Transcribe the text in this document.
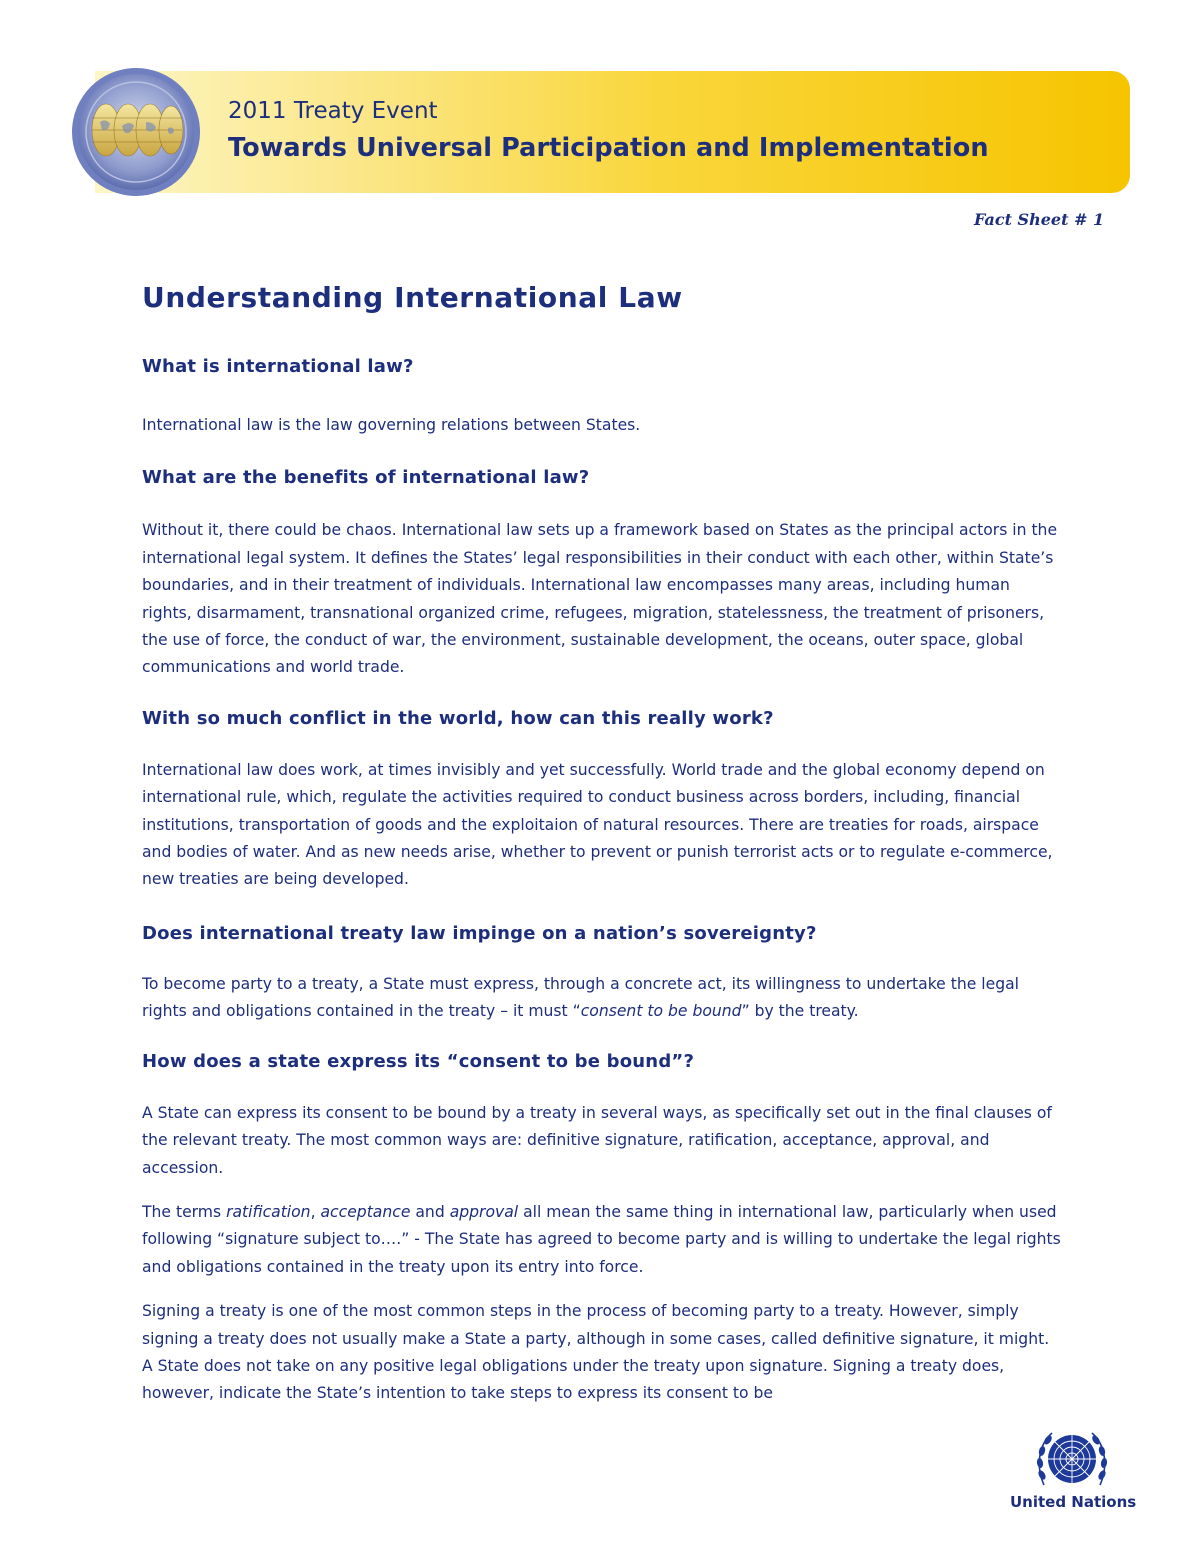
2011 Treaty Event
Towards Universal Participation and Implementation
Fact Sheet # 1
Understanding International Law
What is international law?

International law is the law governing relations between States.

What are the benefits of international law?

Without it, there could be chaos. International law sets up a framework based on States as the principal actors in the international legal system. It defines the States’ legal responsibilities in their conduct with each other, within State’s boundaries, and in their treatment of individuals. International law encompasses many areas, including human rights, disarmament, transnational organized crime, refugees, migration, statelessness, the treatment of prisoners, the use of force, the conduct of war, the environment, sustainable development, the oceans, outer space, global communications and world trade.

With so much conflict in the world, how can this really work?

International law does work, at times invisibly and yet successfully. World trade and the global economy depend on international rule, which, regulate the activities required to conduct business across borders, including, financial institutions, transportation of goods and the exploitaion of natural resources. There are treaties for roads, airspace and bodies of water. And as new needs arise, whether to prevent or punish terrorist acts or to regulate e-commerce, new treaties are being developed.

Does international treaty law impinge on a nation’s sovereignty?

To become party to a treaty, a State must express, through a concrete act, its willingness to undertake the legal rights and obligations contained in the treaty – it must “consent to be bound” by the treaty.

How does a state express its “consent to be bound”?

A State can express its consent to be bound by a treaty in several ways, as specifically set out in the final clauses of the relevant treaty. The most common ways are: definitive signature, ratification, acceptance, approval, and accession.

The terms ratification, acceptance and approval all mean the same thing in international law, particularly when used following “signature subject to….” - The State has agreed to become party and is willing to undertake the legal rights and obligations contained in the treaty upon its entry into force.

Signing a treaty is one of the most common steps in the process of becoming party to a treaty. However, simply signing a treaty does not usually make a State a party, although in some cases, called definitive signature, it might. A State does not take on any positive legal obligations under the treaty upon signature. Signing a treaty does, however, indicate the State’s intention to take steps to express its consent to be

United Nations
